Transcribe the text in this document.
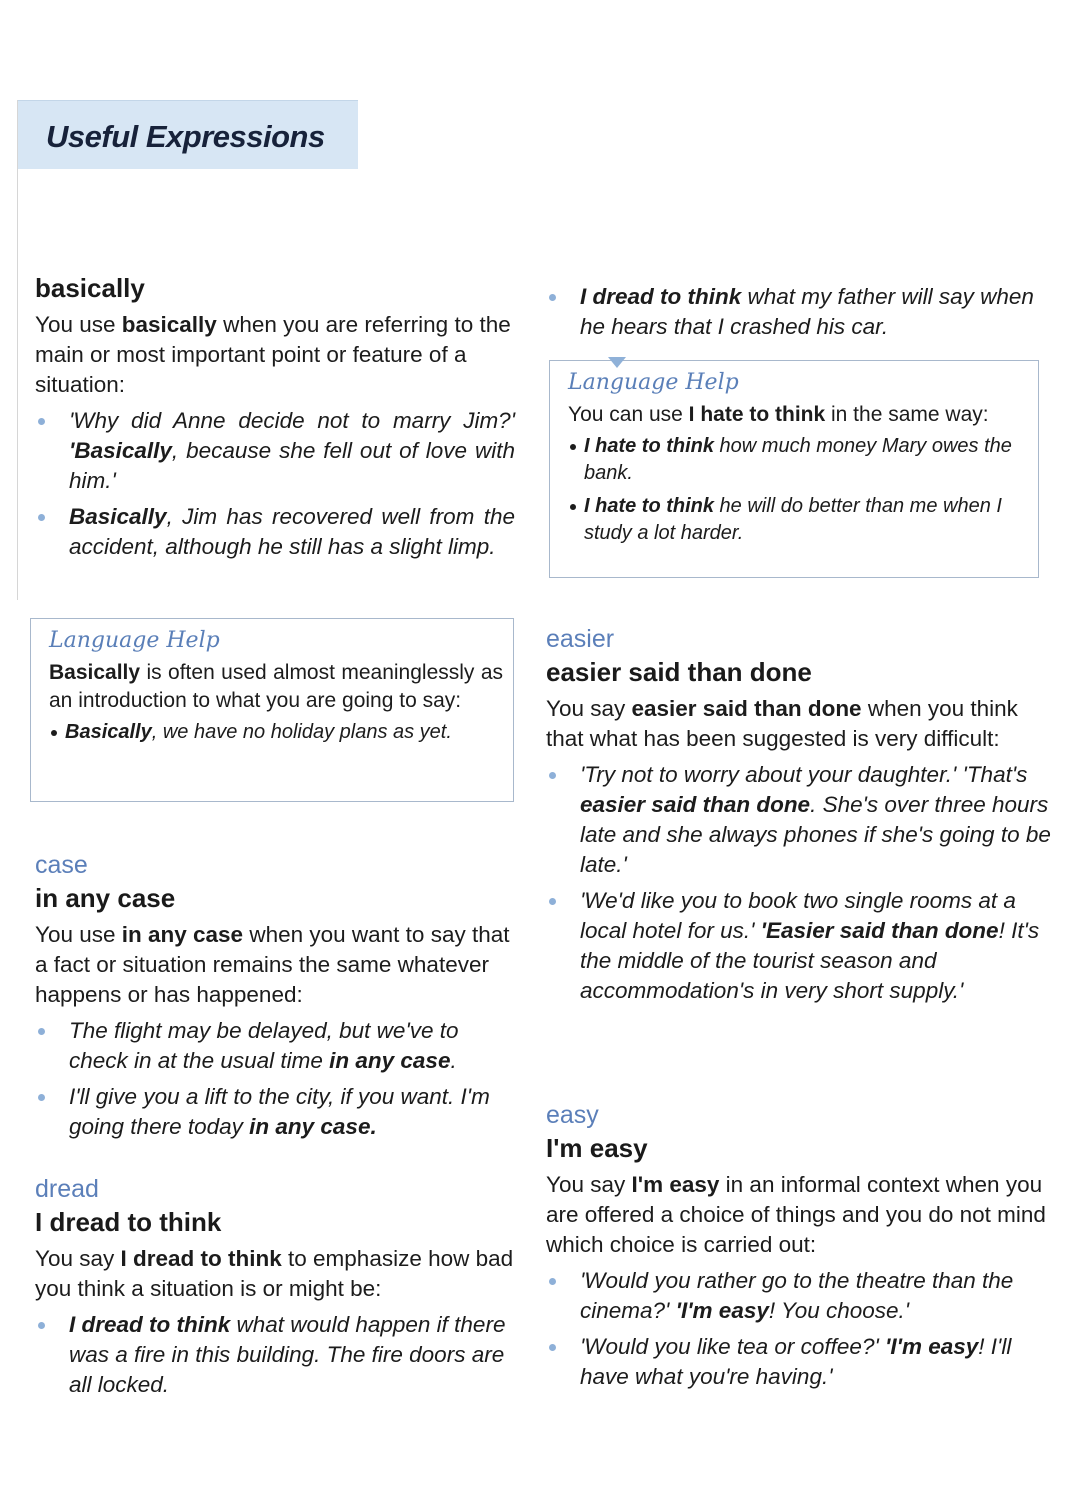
Useful Expressions
basically

You use basically when you are referring to the main or most important point or feature of a situation:

'Why did Anne decide not to marry Jim?' 'Basically, because she fell out of love with him.'
Basically, Jim has recovered well from the accident, although he still has a slight limp.
Language Help

Basically is often used almost meaninglessly as an introduction to what you are going to say:

Basically, we have no holiday plans as yet.
case
in any case

You use in any case when you want to say that a fact or situation remains the same whatever happens or has happened:

The flight may be delayed, but we've to check in at the usual time in any case.
I'll give you a lift to the city, if you want. I'm going there today in any case.
dread
I dread to think

You say I dread to think to emphasize how bad you think a situation is or might be:

I dread to think what would happen if there was a fire in this building. The fire doors are all locked.
I dread to think what my father will say when he hears that I crashed his car.
Language Help

You can use I hate to think in the same way:

I hate to think how much money Mary owes the bank.
I hate to think he will do better than me when I study a lot harder.
easier
easier said than done

You say easier said than done when you think that what has been suggested is very difficult:

'Try not to worry about your daughter.' 'That's easier said than done. She's over three hours late and she always phones if she's going to be late.'
'We'd like you to book two single rooms at a local hotel for us.' 'Easier said than done! It's the middle of the tourist season and accommodation's in very short supply.'
easy
I'm easy

You say I'm easy in an informal context when you are offered a choice of things and you do not mind which choice is carried out:

'Would you rather go to the theatre than the cinema?' 'I'm easy! You choose.'
'Would you like tea or coffee?' 'I'm easy! I'll have what you're having.'
